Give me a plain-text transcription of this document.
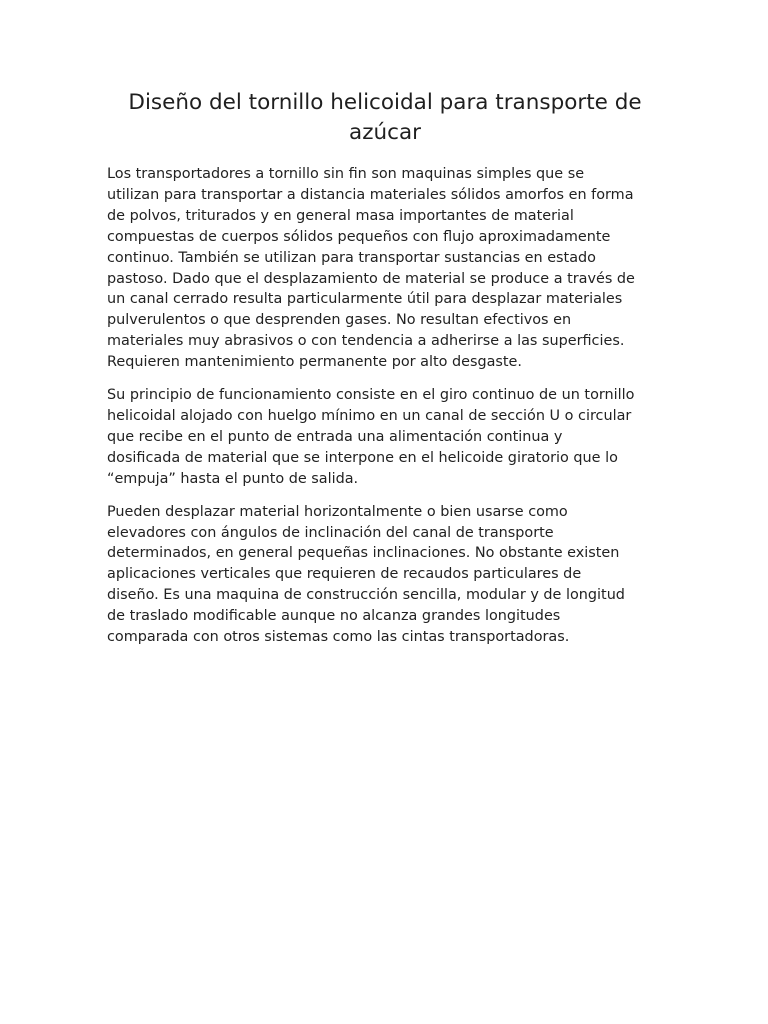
Diseño del tornillo helicoidal para transporte de
azúcar

Los transportadores a tornillo sin fin son maquinas simples que se
utilizan para transportar a distancia materiales sólidos amorfos en forma
de polvos, triturados y en general masa importantes de material
compuestas de cuerpos sólidos pequeños con flujo aproximadamente
continuo. También se utilizan para transportar sustancias en estado
pastoso. Dado que el desplazamiento de material se produce a través de
un canal cerrado resulta particularmente útil para desplazar materiales
pulverulentos o que desprenden gases. No resultan efectivos en
materiales muy abrasivos o con tendencia a adherirse a las superficies.
Requieren mantenimiento permanente por alto desgaste.

Su principio de funcionamiento consiste en el giro continuo de un tornillo
helicoidal alojado con huelgo mínimo en un canal de sección U o circular
que recibe en el punto de entrada una alimentación continua y
dosificada de material que se interpone en el helicoide giratorio que lo
“empuja” hasta el punto de salida.

Pueden desplazar material horizontalmente o bien usarse como
elevadores con ángulos de inclinación del canal de transporte
determinados, en general pequeñas inclinaciones. No obstante existen
aplicaciones verticales que requieren de recaudos particulares de
diseño. Es una maquina de construcción sencilla, modular y de longitud
de traslado modificable aunque no alcanza grandes longitudes
comparada con otros sistemas como las cintas transportadoras.
